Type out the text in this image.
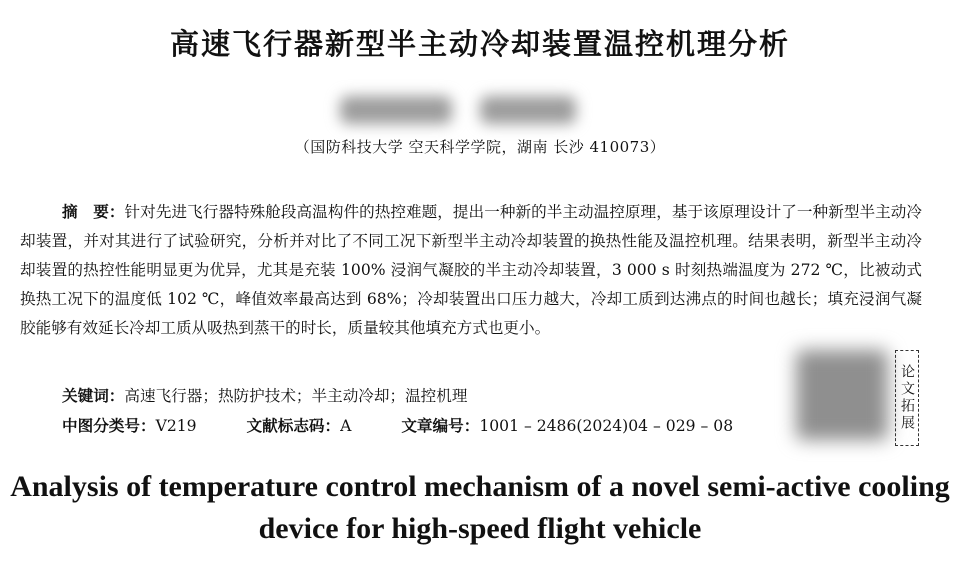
高速飞行器新型半主动冷却装置温控机理分析
（国防科技大学 空天科学学院，湖南 长沙 410073）
摘　要：针对先进飞行器特殊舱段高温构件的热控难题，提出一种新的半主动温控原理，基于该原理设计了一种新型半主动冷却装置，并对其进行了试验研究，分析并对比了不同工况下新型半主动冷却装置的换热性能及温控机理。结果表明，新型半主动冷却装置的热控性能明显更为优异，尤其是充装 100% 浸润气凝胶的半主动冷却装置，3 000 s 时刻热端温度为 272 ℃，比被动式换热工况下的温度低 102 ℃，峰值效率最高达到 68%；冷却装置出口压力越大，冷却工质到达沸点的时间也越长；填充浸润气凝胶能够有效延长冷却工质从吸热到蒸干的时长，质量较其他填充方式也更小。
关键词：高速飞行器；热防护技术；半主动冷却；温控机理
中图分类号：V219	文献标志码：A	文章编号：1001 – 2486(2024)04 – 029 – 08	论文拓展
Analysis of temperature control mechanism of a novel semi-active cooling device for high-speed flight vehicle
